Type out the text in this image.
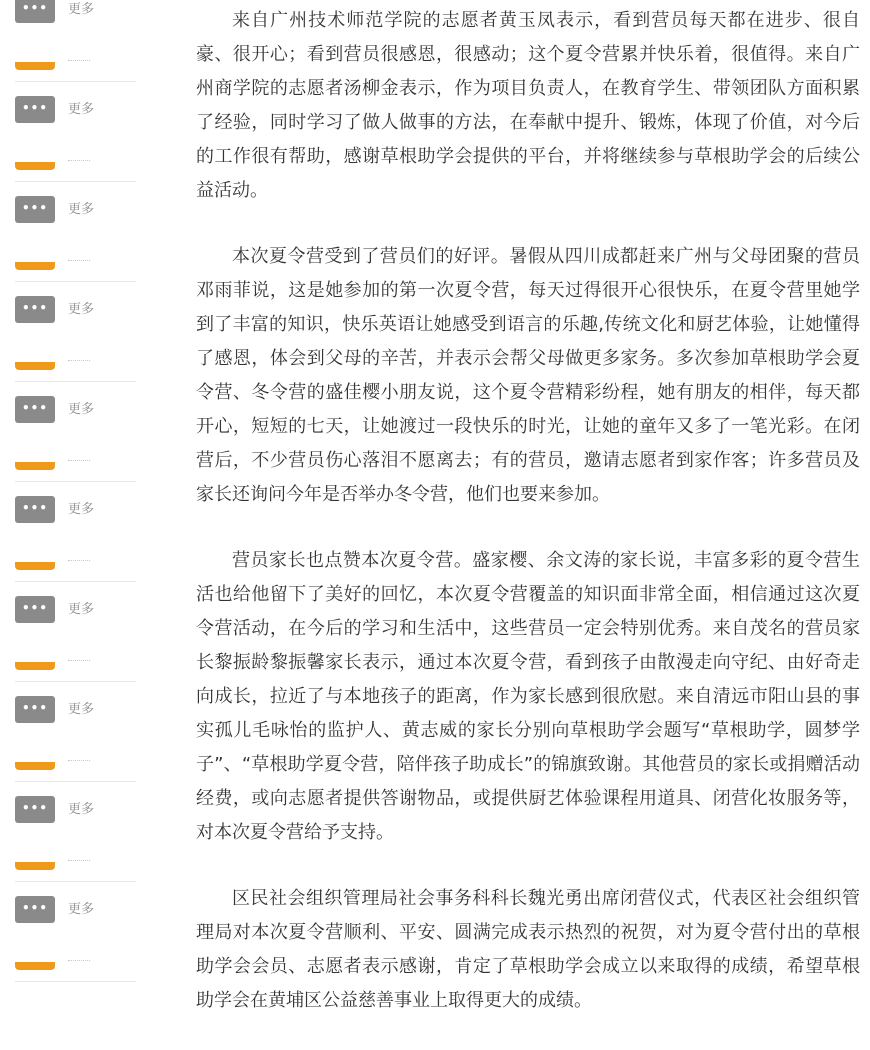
•••	更多
•••	更多
•••	更多
•••	更多
•••	更多
•••	更多
•••	更多
•••	更多
•••	更多
•••	更多

来自广州技术师范学院的志愿者黄玉凤表示，看到营员每天都在进步、很自豪、很开心；看到营员很感恩，很感动；这个夏令营累并快乐着，很值得。来自广州商学院的志愿者汤柳金表示，作为项目负责人，在教育学生、带领团队方面积累了经验，同时学习了做人做事的方法，在奉献中提升、锻炼，体现了价值，对今后的工作很有帮助，感谢草根助学会提供的平台，并将继续参与草根助学会的后续公益活动。

本次夏令营受到了营员们的好评。暑假从四川成都赶来广州与父母团聚的营员邓雨菲说，这是她参加的第一次夏令营，每天过得很开心很快乐，在夏令营里她学到了丰富的知识，快乐英语让她感受到语言的乐趣,传统文化和厨艺体验，让她懂得了感恩，体会到父母的辛苦，并表示会帮父母做更多家务。多次参加草根助学会夏令营、冬令营的盛佳樱小朋友说，这个夏令营精彩纷程，她有朋友的相伴，每天都开心，短短的七天，让她渡过一段快乐的时光，让她的童年又多了一笔光彩。在闭营后，不少营员伤心落泪不愿离去；有的营员，邀请志愿者到家作客；许多营员及家长还询问今年是否举办冬令营，他们也要来参加。

营员家长也点赞本次夏令营。盛家樱、余文涛的家长说，丰富多彩的夏令营生活也给他留下了美好的回忆，本次夏令营覆盖的知识面非常全面，相信通过这次夏令营活动，在今后的学习和生活中，这些营员一定会特别优秀。来自茂名的营员家长黎振龄黎振馨家长表示，通过本次夏令营，看到孩子由散漫走向守纪、由好奇走向成长，拉近了与本地孩子的距离，作为家长感到很欣慰。来自清远市阳山县的事实孤儿毛咏怡的监护人、黄志威的家长分别向草根助学会题写“草根助学，圆梦学子”、“草根助学夏令营，陪伴孩子助成长”的锦旗致谢。其他营员的家长或捐赠活动经费，或向志愿者提供答谢物品，或提供厨艺体验课程用道具、闭营化妆服务等，对本次夏令营给予支持。

区民社会组织管理局社会事务科科长魏光勇出席闭营仪式，代表区社会组织管理局对本次夏令营顺利、平安、圆满完成表示热烈的祝贺，对为夏令营付出的草根助学会会员、志愿者表示感谢，肯定了草根助学会成立以来取得的成绩，希望草根助学会在黄埔区公益慈善事业上取得更大的成绩。
